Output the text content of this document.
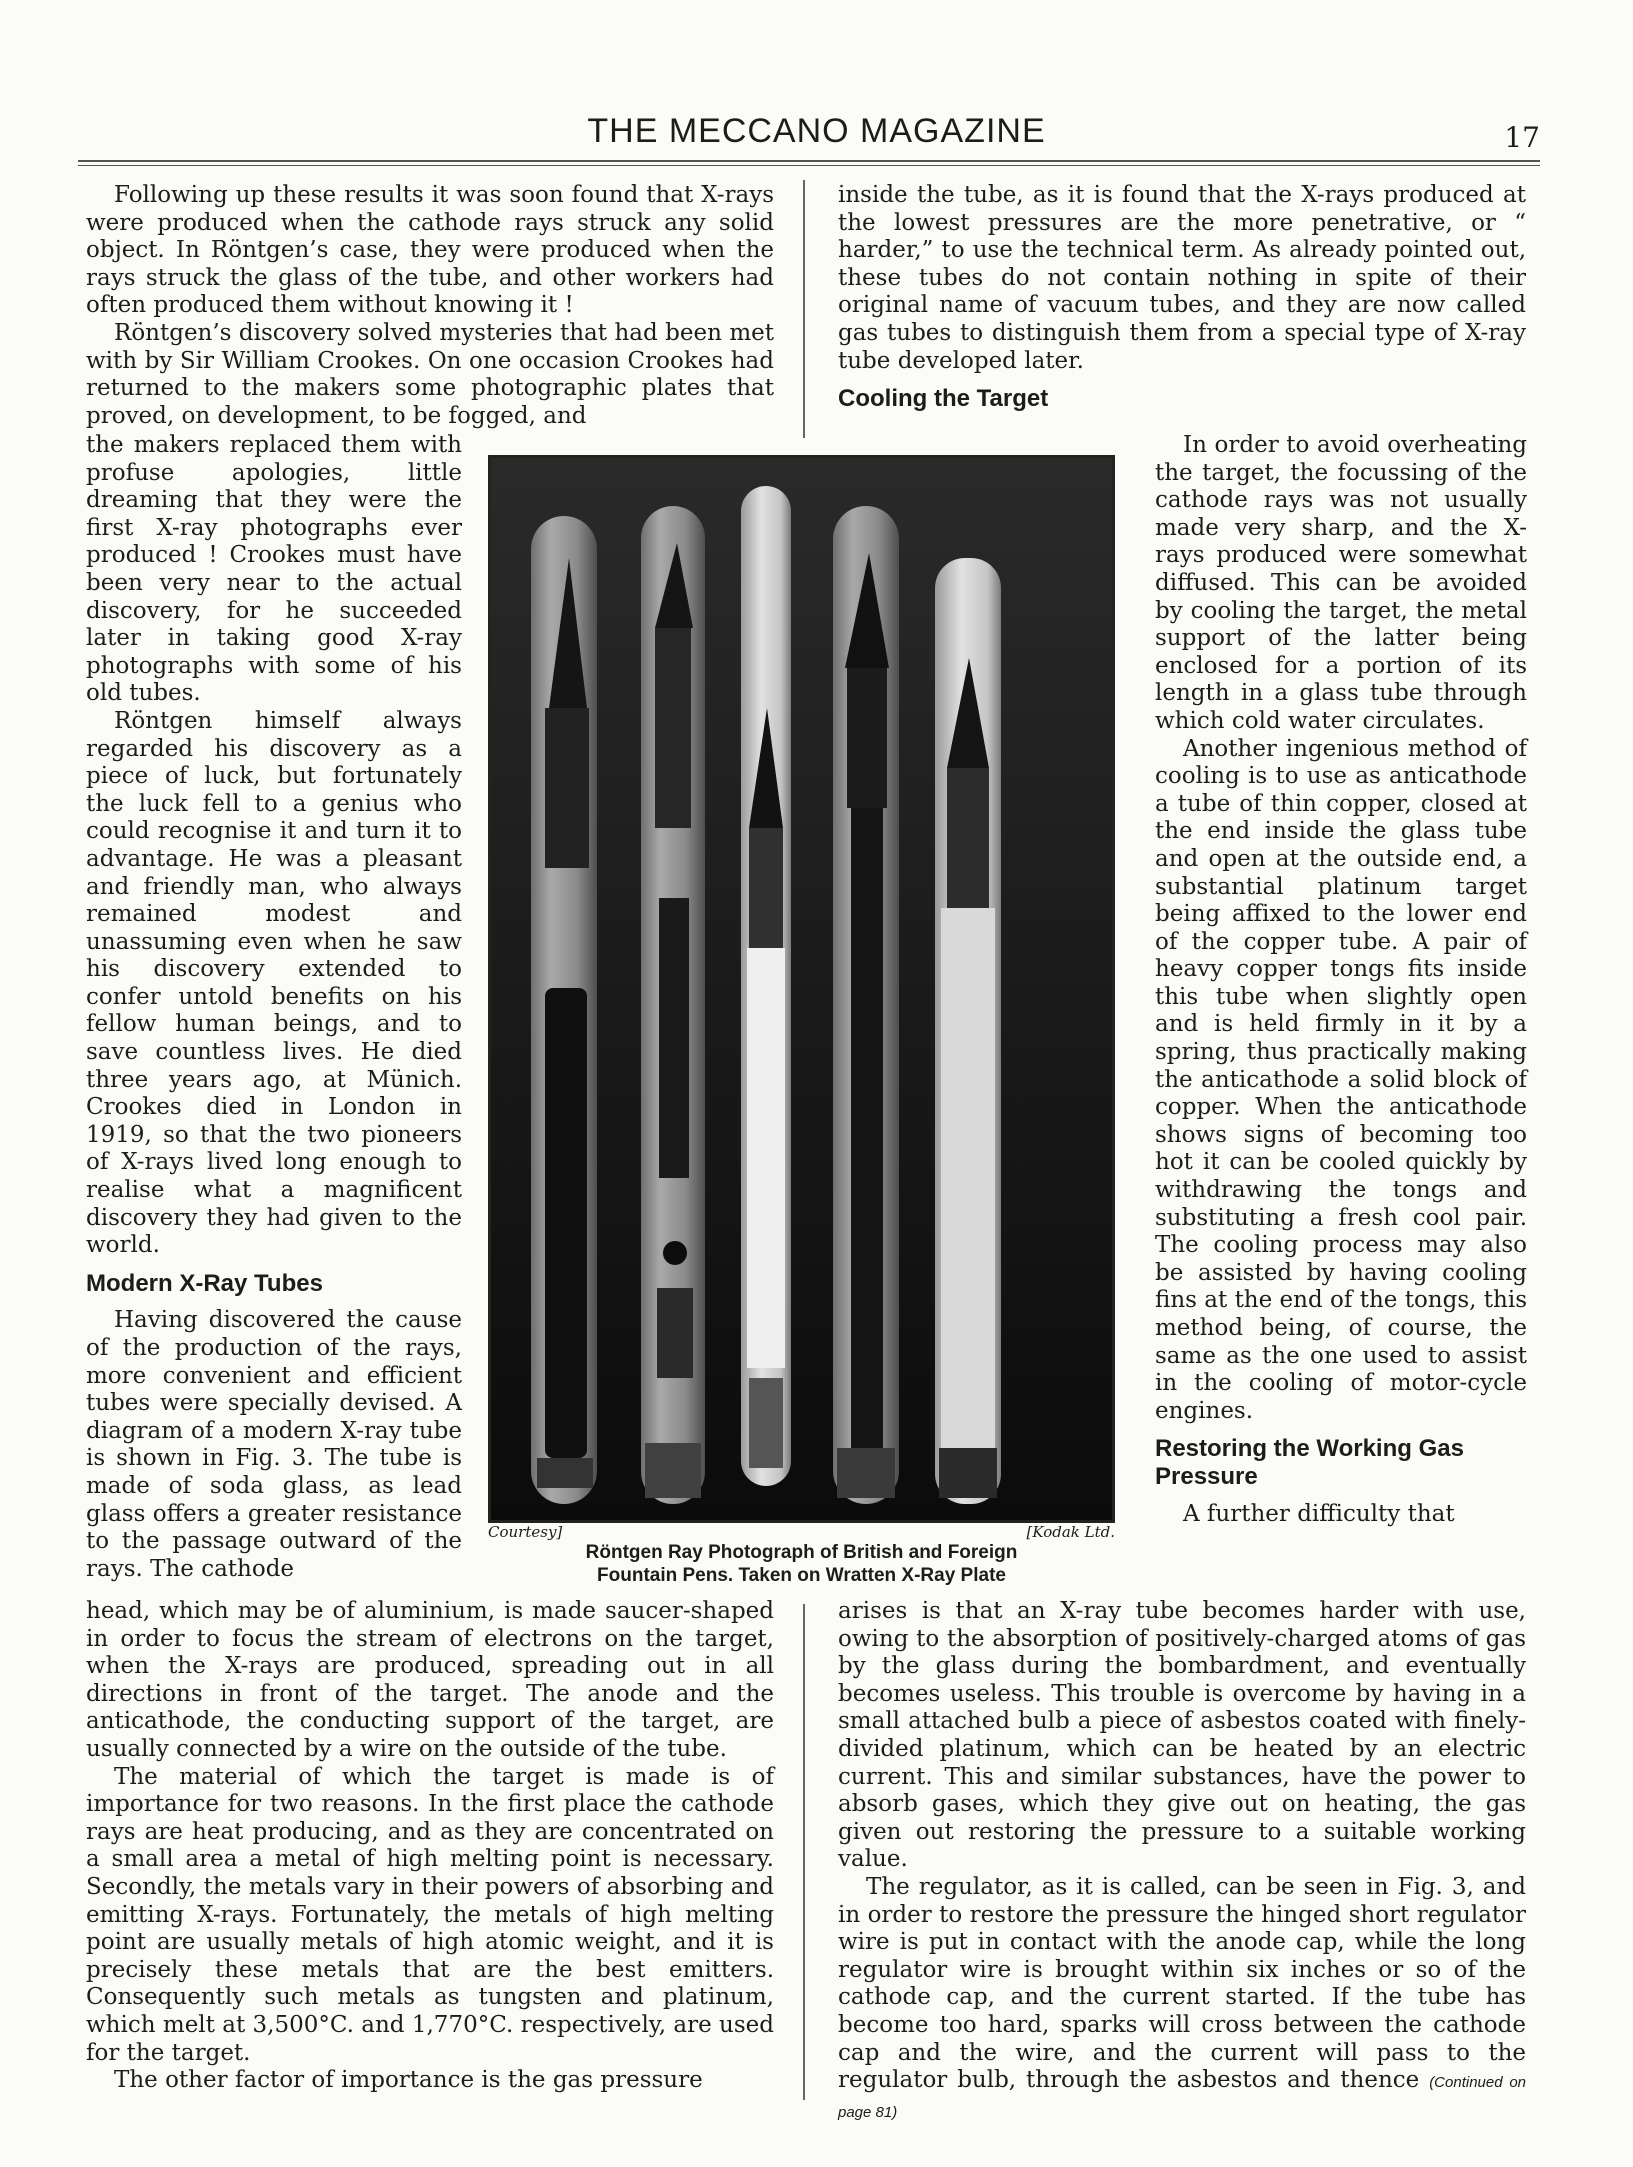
THE MECCANO MAGAZINE	17

Following up these results it was soon found that X-rays were produced when the cathode rays struck any solid object. In Röntgen’s case, they were produced when the rays struck the glass of the tube, and other workers had often produced them without knowing it !

Röntgen’s discovery solved mysteries that had been met with by Sir William Crookes. On one occasion Crookes had returned to the makers some photographic plates that proved, on development, to be fogged, and

the makers replaced them with profuse apologies, little dreaming that they were the first X-ray photographs ever produced ! Crookes must have been very near to the actual discovery, for he succeeded later in taking good X-ray photographs with some of his old tubes.

Röntgen himself always regarded his discovery as a piece of luck, but fortunately the luck fell to a genius who could recognise it and turn it to advantage. He was a pleasant and friendly man, who always remained modest and unassuming even when he saw his discovery extended to confer untold benefits on his fellow human beings, and to save countless lives. He died three years ago, at Münich. Crookes died in London in 1919, so that the two pioneers of X-rays lived long enough to realise what a magnificent discovery they had given to the world.

Modern X-Ray Tubes

Having discovered the cause of the production of the rays, more convenient and efficient tubes were specially devised. A diagram of a modern X-ray tube is shown in Fig. 3. The tube is made of soda glass, as lead glass offers a greater resistance to the passage outward of the rays. The cathode

head, which may be of aluminium, is made saucer-shaped in order to focus the stream of electrons on the target, when the X-rays are produced, spreading out in all directions in front of the target. The anode and the anticathode, the conducting support of the target, are usually connected by a wire on the outside of the tube.

The material of which the target is made is of importance for two reasons. In the first place the cathode rays are heat producing, and as they are concentrated on a small area a metal of high melting point is necessary. Secondly, the metals vary in their powers of absorbing and emitting X-rays. Fortunately, the metals of high melting point are usually metals of high atomic weight, and it is precisely these metals that are the best emitters. Consequently such metals as tungsten and platinum, which melt at 3,500°C. and 1,770°C. respectively, are used for the target.

The other factor of importance is the gas pressure

inside the tube, as it is found that the X-rays produced at the lowest pressures are the more penetrative, or “ harder,” to use the technical term. As already pointed out, these tubes do not contain nothing in spite of their original name of vacuum tubes, and they are now called gas tubes to distinguish them from a special type of X-ray tube developed later.

Cooling the Target

In order to avoid overheating the target, the focussing of the cathode rays was not usually made very sharp, and the X-rays produced were somewhat diffused. This can be avoided by cooling the target, the metal support of the latter being enclosed for a portion of its length in a glass tube through which cold water circulates.

Another ingenious method of cooling is to use as anticathode a tube of thin copper, closed at the end inside the glass tube and open at the outside end, a substantial platinum target being affixed to the lower end of the copper tube. A pair of heavy copper tongs fits inside this tube when slightly open and is held firmly in it by a spring, thus practically making the anticathode a solid block of copper. When the anticathode shows signs of becoming too hot it can be cooled quickly by withdrawing the tongs and substituting a fresh cool pair. The cooling process may also be assisted by having cooling fins at the end of the tongs, this method being, of course, the same as the one used to assist in the cooling of motor-cycle engines.

Restoring the Working Gas Pressure

A further difficulty that

arises is that an X-ray tube becomes harder with use, owing to the absorption of positively-charged atoms of gas by the glass during the bombardment, and eventually becomes useless. This trouble is overcome by having in a small attached bulb a piece of asbestos coated with finely-divided platinum, which can be heated by an electric current. This and similar substances, have the power to absorb gases, which they give out on heating, the gas given out restoring the pressure to a suitable working value.

The regulator, as it is called, can be seen in Fig. 3, and in order to restore the pressure the hinged short regulator wire is put in contact with the anode cap, while the long regulator wire is brought within six inches or so of the cathode cap, and the current started. If the tube has become too hard, sparks will cross between the cathode cap and the wire, and the current will pass to the regulator bulb, through the asbestos and thence (Continued on page 81)

Courtesy]	[Kodak Ltd.
Röntgen Ray Photograph of British and Foreign
Fountain Pens. Taken on Wratten X-Ray Plate
